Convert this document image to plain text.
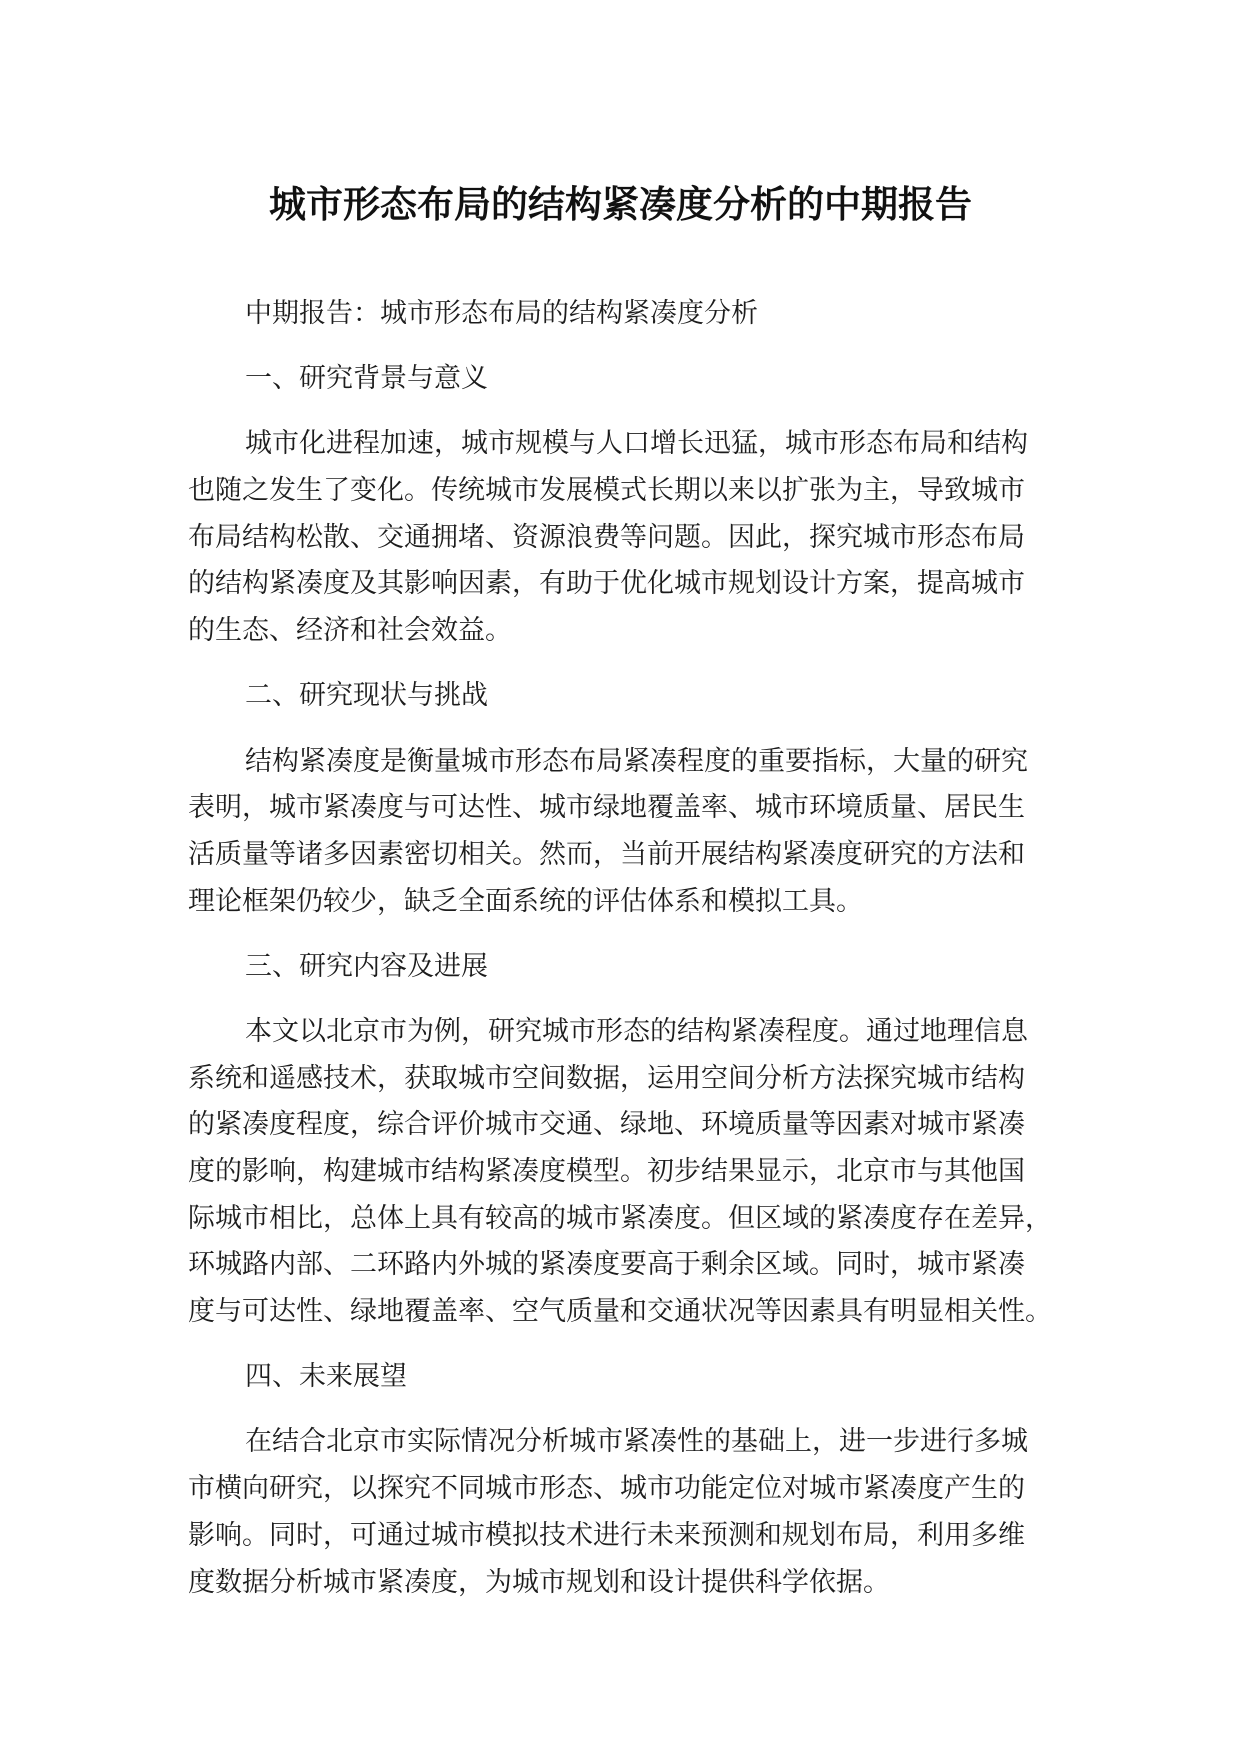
城市形态布局的结构紧凑度分析的中期报告
中期报告：城市形态布局的结构紧凑度分析
一、研究背景与意义
城市化进程加速，城市规模与人口增长迅猛，城市形态布局和结构
也随之发生了变化。传统城市发展模式长期以来以扩张为主，导致城市
布局结构松散、交通拥堵、资源浪费等问题。因此，探究城市形态布局
的结构紧凑度及其影响因素，有助于优化城市规划设计方案，提高城市
的生态、经济和社会效益。
二、研究现状与挑战
结构紧凑度是衡量城市形态布局紧凑程度的重要指标，大量的研究
表明，城市紧凑度与可达性、城市绿地覆盖率、城市环境质量、居民生
活质量等诸多因素密切相关。然而，当前开展结构紧凑度研究的方法和
理论框架仍较少，缺乏全面系统的评估体系和模拟工具。
三、研究内容及进展
本文以北京市为例，研究城市形态的结构紧凑程度。通过地理信息
系统和遥感技术，获取城市空间数据，运用空间分析方法探究城市结构
的紧凑度程度，综合评价城市交通、绿地、环境质量等因素对城市紧凑
度的影响，构建城市结构紧凑度模型。初步结果显示，北京市与其他国
际城市相比，总体上具有较高的城市紧凑度。但区域的紧凑度存在差异，
环城路内部、二环路内外城的紧凑度要高于剩余区域。同时，城市紧凑
度与可达性、绿地覆盖率、空气质量和交通状况等因素具有明显相关性。
四、未来展望
在结合北京市实际情况分析城市紧凑性的基础上，进一步进行多城
市横向研究，以探究不同城市形态、城市功能定位对城市紧凑度产生的
影响。同时，可通过城市模拟技术进行未来预测和规划布局，利用多维
度数据分析城市紧凑度，为城市规划和设计提供科学依据。
